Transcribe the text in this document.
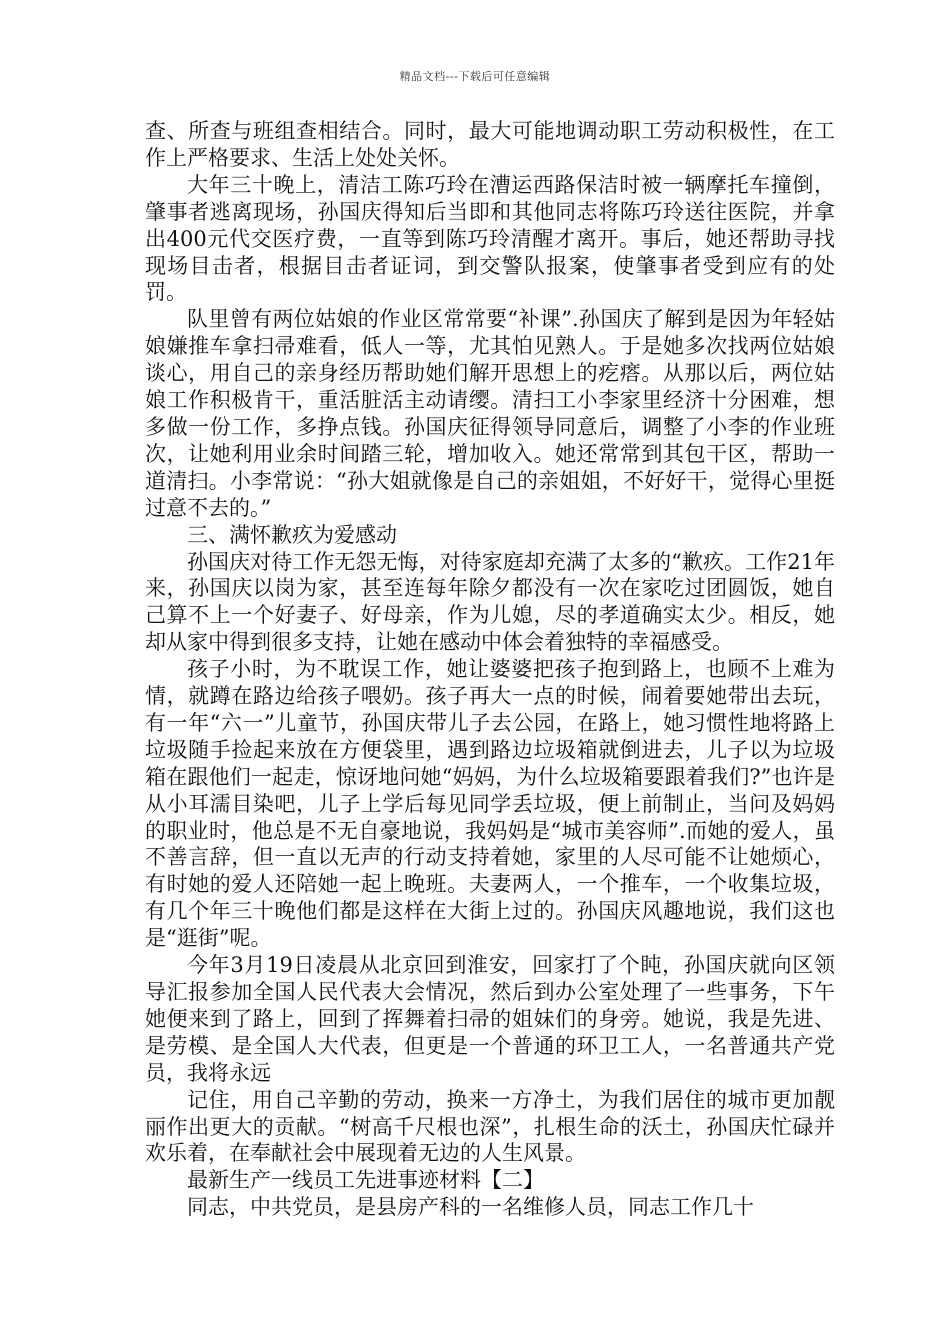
精品文档---下载后可任意编辑

查、所查与班组查相结合。同时，最大可能地调动职工劳动积极性，在工作上严格要求、生活上处处关怀。

大年三十晚上，清洁工陈巧玲在漕运西路保洁时被一辆摩托车撞倒，肇事者逃离现场，孙国庆得知后当即和其他同志将陈巧玲送往医院，并拿出400元代交医疗费，一直等到陈巧玲清醒才离开。事后，她还帮助寻找现场目击者，根据目击者证词，到交警队报案，使肇事者受到应有的处罚。

队里曾有两位姑娘的作业区常常要“补课”.孙国庆了解到是因为年轻姑娘嫌推车拿扫帚难看，低人一等，尤其怕见熟人。于是她多次找两位姑娘谈心，用自己的亲身经历帮助她们解开思想上的疙瘩。从那以后，两位姑娘工作积极肯干，重活脏活主动请缨。清扫工小李家里经济十分困难，想多做一份工作，多挣点钱。孙国庆征得领导同意后，调整了小李的作业班次，让她利用业余时间踏三轮，增加收入。她还常常到其包干区，帮助一道清扫。小李常说：“孙大姐就像是自己的亲姐姐，不好好干，觉得心里挺过意不去的。”

三、满怀歉疚为爱感动

孙国庆对待工作无怨无悔，对待家庭却充满了太多的“歉疚。工作21年来，孙国庆以岗为家，甚至连每年除夕都没有一次在家吃过团圆饭，她自己算不上一个好妻子、好母亲，作为儿媳，尽的孝道确实太少。相反，她却从家中得到很多支持，让她在感动中体会着独特的幸福感受。

孩子小时，为不耽误工作，她让婆婆把孩子抱到路上，也顾不上难为情，就蹲在路边给孩子喂奶。孩子再大一点的时候，闹着要她带出去玩，有一年“六一”儿童节，孙国庆带儿子去公园，在路上，她习惯性地将路上垃圾随手捡起来放在方便袋里，遇到路边垃圾箱就倒进去，儿子以为垃圾箱在跟他们一起走，惊讶地问她“妈妈，为什么垃圾箱要跟着我们?”也许是从小耳濡目染吧，儿子上学后每见同学丢垃圾，便上前制止，当问及妈妈的职业时，他总是不无自豪地说，我妈妈是“城市美容师”.而她的爱人，虽不善言辞，但一直以无声的行动支持着她，家里的人尽可能不让她烦心，有时她的爱人还陪她一起上晚班。夫妻两人，一个推车，一个收集垃圾，有几个年三十晚他们都是这样在大街上过的。孙国庆风趣地说，我们这也是“逛街”呢。

今年3月19日凌晨从北京回到淮安，回家打了个盹，孙国庆就向区领导汇报参加全国人民代表大会情况，然后到办公室处理了一些事务，下午她便来到了路上，回到了挥舞着扫帚的姐妹们的身旁。她说，我是先进、是劳模、是全国人大代表，但更是一个普通的环卫工人，一名普通共产党员，我将永远

记住，用自己辛勤的劳动，换来一方净土，为我们居住的城市更加靓丽作出更大的贡献。“树高千尺根也深”，扎根生命的沃土，孙国庆忙碌并欢乐着，在奉献社会中展现着无边的人生风景。

最新生产一线员工先进事迹材料【二】

同志，中共党员，是县房产科的一名维修人员，同志工作几十
